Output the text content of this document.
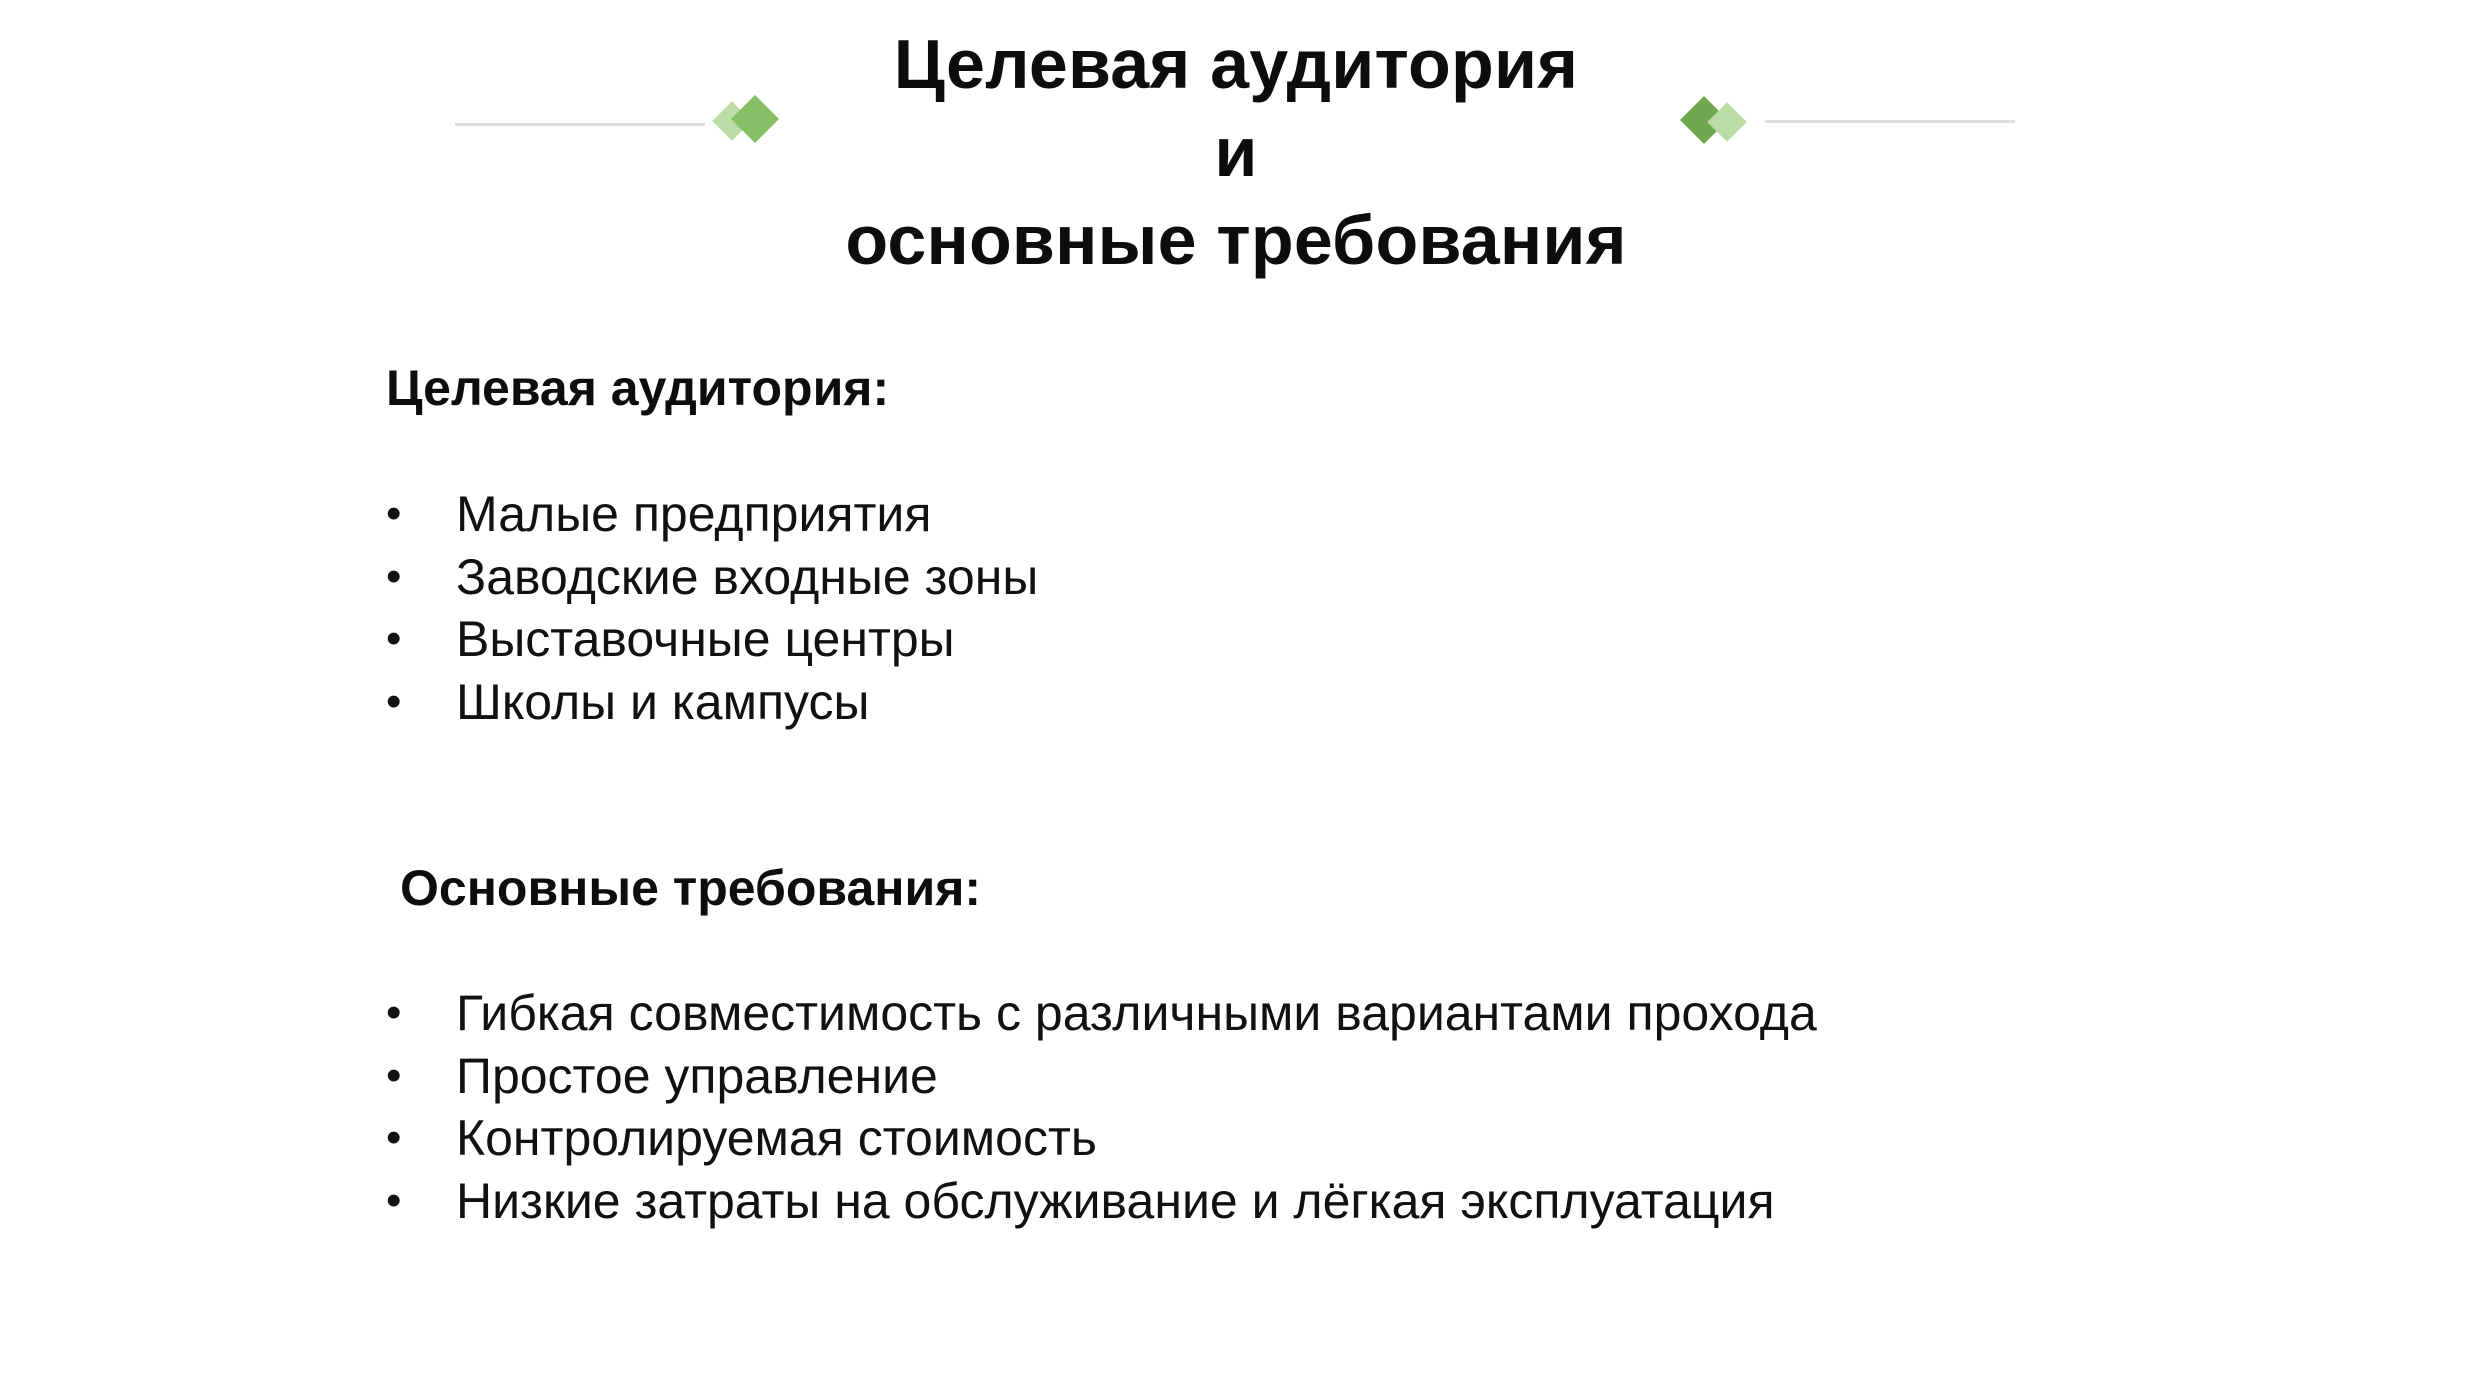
Целевая аудитория
и
основные требования
Целевая аудитория:
• Малые предприятия
• Заводские входные зоны
• Выставочные центры
• Школы и кампусы
Основные требования:
• Гибкая совместимость с различными вариантами прохода
• Простое управление
• Контролируемая стоимость
• Низкие затраты на обслуживание и лёгкая эксплуатация
